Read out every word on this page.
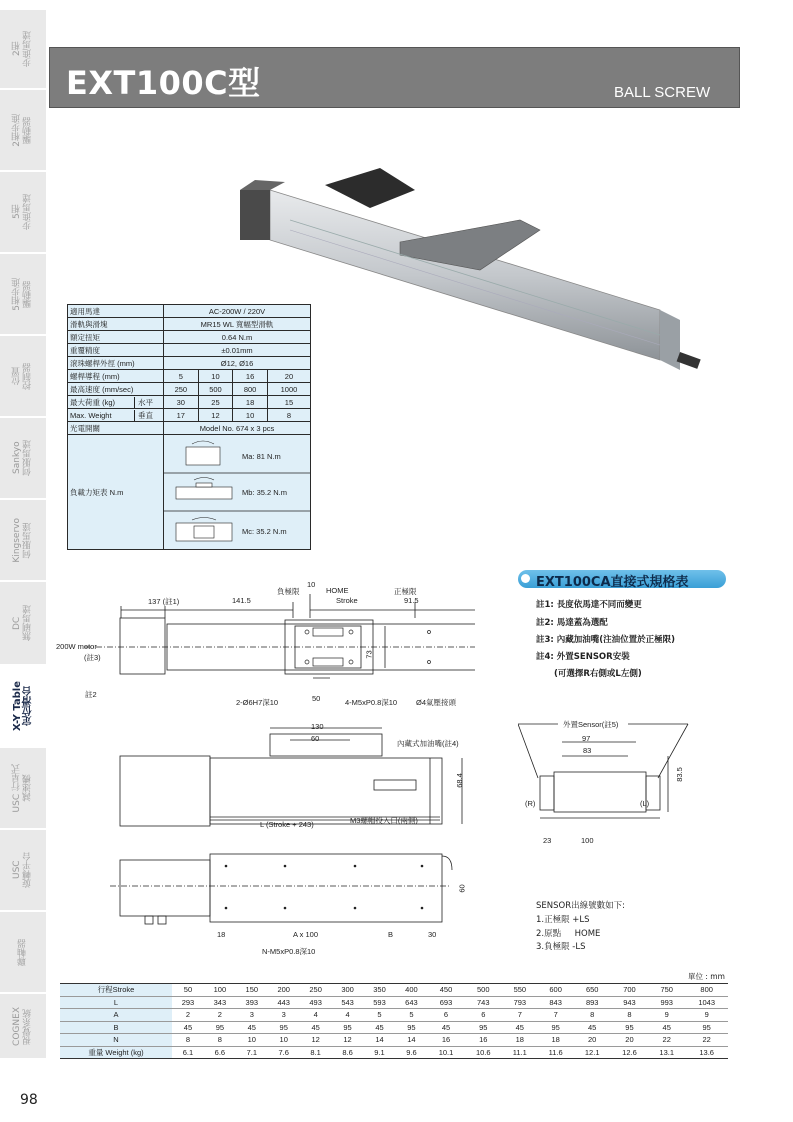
2相
步進馬達
2相步進
驅動器
5相
步進馬達
5相步進
驅動器
位置
控制器
Sankyo
伺服馬達
Kingservo
伺服馬達
DC
無刷馬達
X-Y Table
定位滑台
USC 行星式
減速機
USC
旋轉平台
聯軸器
COGNEX
視覺系統
EXT100C型	BALL SCREW
適用馬達	AC-200W / 220V			
滑軌與滑塊	MR15 WL 寬幅型滑軌			
額定扭矩	0.64 N.m			
重覆精度	±0.01mm			
滾珠螺桿外徑 (mm)	Ø12, Ø16			
螺桿導程 (mm)	5	10	16	20
最高速度 (mm/sec)	250	500	800	1000
最大荷重 (kg) 水平	30	25	18	15
Max. Weight 垂直	17	12	10	8
光電開關	Model No. 674 x 3 pcs			
負載力矩表 N.m	Ma: 81 N.m
Mb: 35.2 N.m
Mc: 35.2 N.m			
EXT100CA直接式規格表
註1: 長度依馬達不同而變更
註2: 馬達蓋為選配
註3: 內藏加油嘴(注油位置於正極限)
註4: 外置SENSOR安裝
(可選擇R右側或L左側)
137 (註1)	141.5
負極限
10
HOME
Stroke
正極限
91.5
200W motor
(註3)
註2
2-Ø6H7深10	50	4-M5xP0.8深10	Ø4氣壓接頭
73
130
60
內藏式加油嘴(註4)
68.4
L (Stroke + 243)	M3螺帽投入口(兩側)
18	A x 100	B	30
N-M5xP0.8深10
60
外置Sensor(註5)
97
83
83.5
(R)	(L)
23	100
SENSOR出線號數如下:
1.正極限 +LS
2.原點     HOME
3.負極限 -LS
單位 : mm
行程Stroke	50	100	150	200	250	300	350	400	450	500	550	600	650	700	750	800
L	293	343	393	443	493	543	593	643	693	743	793	843	893	943	993	1043
A	2	2	3	3	4	4	5	5	6	6	7	7	8	8	9	9
B	45	95	45	95	45	95	45	95	45	95	45	95	45	95	45	95
N	8	8	10	10	12	12	14	14	16	16	18	18	20	20	22	22
重量 Weight (kg)	6.1	6.6	7.1	7.6	8.1	8.6	9.1	9.6	10.1	10.6	11.1	11.6	12.1	12.6	13.1	13.6
98
